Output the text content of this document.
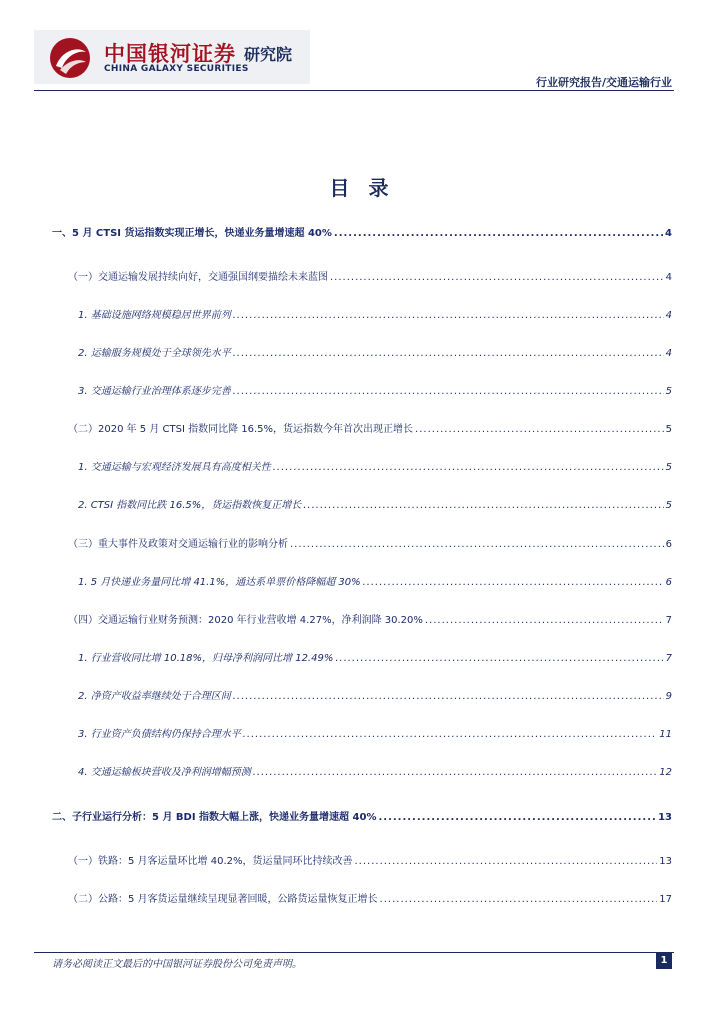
中国银河证券
CHINA GALAXY SECURITIES
研究院
行业研究报告/交通运输行业
目 录
一、5 月 CTSI 货运指数实现正增长，快递业务量增速超 40% .....	4
（一）交通运输发展持续向好，交通强国纲要描绘未来蓝图 .....	4
1. 基础设施网络规模稳居世界前列 .....	4
2. 运输服务规模处于全球领先水平 .....	4
3. 交通运输行业治理体系逐步完善 .....	5
（二）2020 年 5 月 CTSI 指数同比降 16.5%，货运指数今年首次出现正增长 .....	5
1. 交通运输与宏观经济发展具有高度相关性 .....	5
2. CTSI 指数同比跌 16.5%，货运指数恢复正增长 .....	5
（三）重大事件及政策对交通运输行业的影响分析 .....	6
1. 5 月快递业务量同比增 41.1%，通达系单票价格降幅超 30% .....	6
（四）交通运输行业财务预测：2020 年行业营收增 4.27%，净利润降 30.20% .....	7
1. 行业营收同比增 10.18%，归母净利润同比增 12.49% .....	7
2. 净资产收益率继续处于合理区间 .....	9
3. 行业资产负债结构仍保持合理水平 .....	11
4. 交通运输板块营收及净利润增幅预测 .....	12
二、子行业运行分析：5 月 BDI 指数大幅上涨，快递业务量增速超 40% .....	13
（一）铁路：5 月客运量环比增 40.2%，货运量同环比持续改善 .....	13
（二）公路：5 月客货运量继续呈现显著回暖，公路货运量恢复正增长 .....	17
请务必阅读正文最后的中国银河证券股份公司免责声明。	1
